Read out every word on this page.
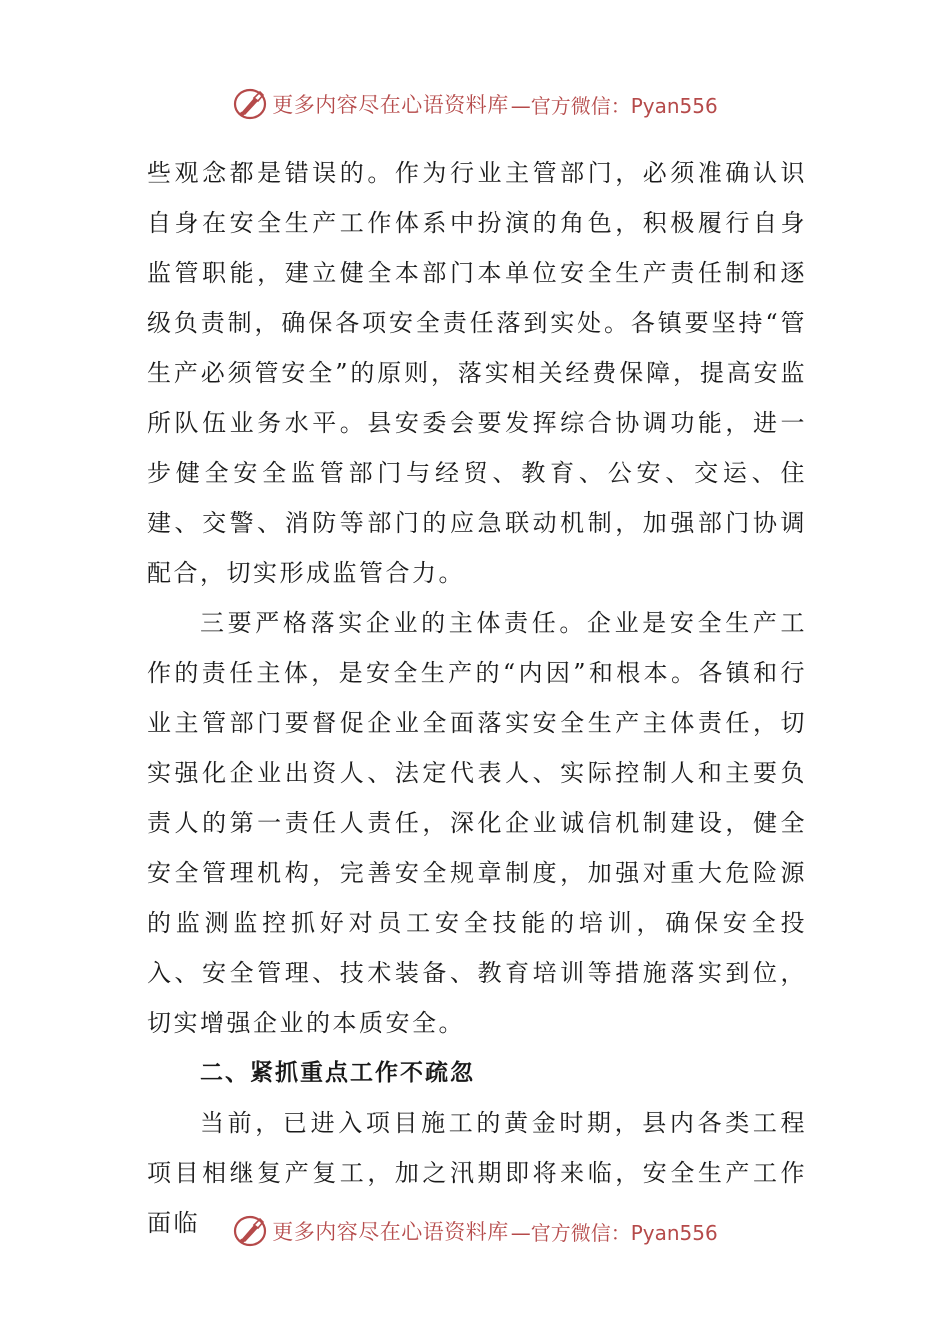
更多内容尽在心语资料库 —官方微信：Pyan556

些观念都是错误的。作为行业主管部门，必须准确认识自身在安全生产工作体系中扮演的角色，积极履行自身监管职能，建立健全本部门本单位安全生产责任制和逐级负责制，确保各项安全责任落到实处。各镇要坚持“管生产必须管安全”的原则，落实相关经费保障，提高安监所队伍业务水平。县安委会要发挥综合协调功能，进一步健全安全监管部门与经贸、教育、公安、交运、住建、交警、消防等部门的应急联动机制，加强部门协调配合，切实形成监管合力。

三要严格落实企业的主体责任。企业是安全生产工作的责任主体，是安全生产的“内因”和根本。各镇和行业主管部门要督促企业全面落实安全生产主体责任，切实强化企业出资人、法定代表人、实际控制人和主要负责人的第一责任人责任，深化企业诚信机制建设，健全安全管理机构，完善安全规章制度，加强对重大危险源的监测监控抓好对员工安全技能的培训，确保安全投入、安全管理、技术装备、教育培训等措施落实到位，切实增强企业的本质安全。

二、紧抓重点工作不疏忽

当前，已进入项目施工的黄金时期，县内各类工程项目相继复产复工，加之汛期即将来临，安全生产工作面临	更多内容尽在心语资料库 —官方微信：Pyan556
